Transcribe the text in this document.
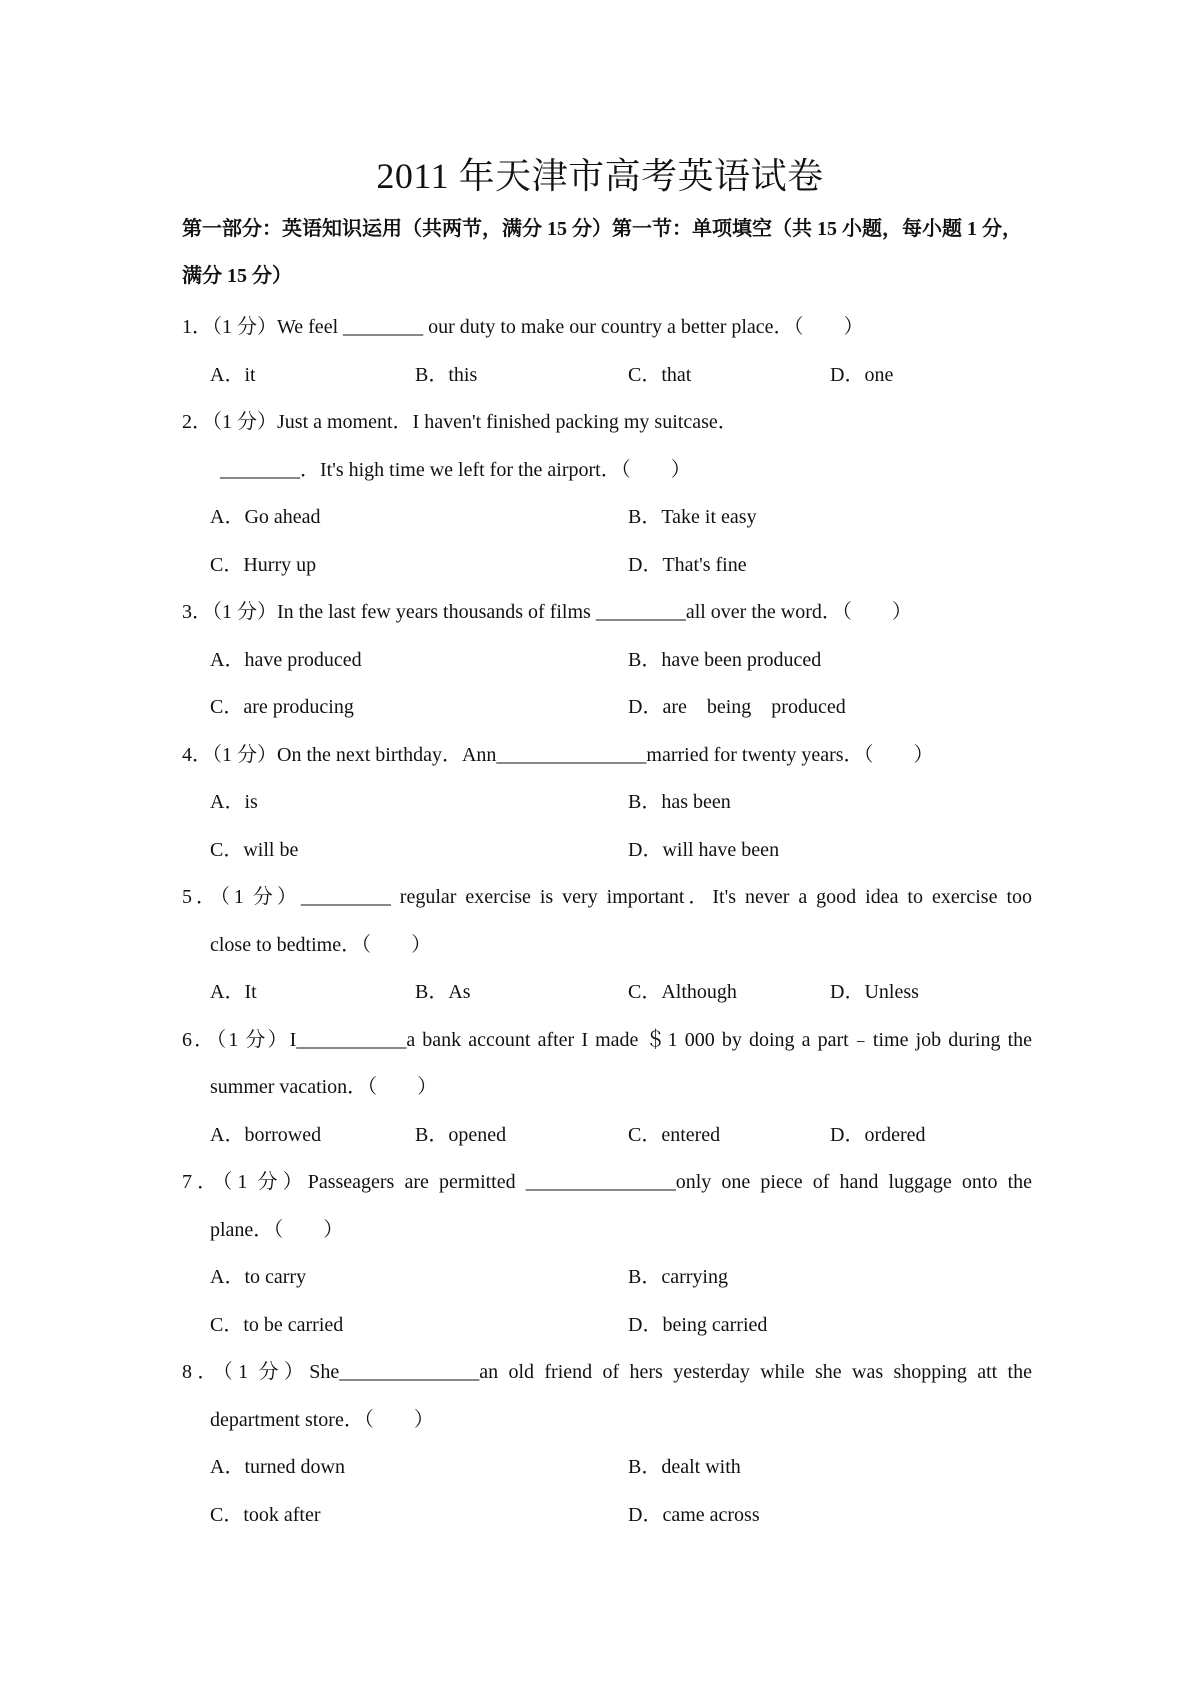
2011 年天津市高考英语试卷

第一部分：英语知识运用（共两节，满分 15 分）第一节：单项填空（共 15 小题，每小题 1 分，满分 15 分）

1．（1 分）We feel ________ our duty to make our country a better place．（　　）
A．it	B．this	C．that	D．one
2．（1 分）Just a moment．I haven't finished packing my suitcase．
________．It's high time we left for the airport．（　　）
A．Go ahead	B．Take it easy
C．Hurry up	D．That's fine
3．（1 分）In the last few years thousands of films _________all over the word．（　　）
A．have produced	B．have been produced
C．are producing	D．are　being　produced
4．（1 分）On the next birthday．Ann_______________married for twenty years．（　　）
A．is	B．has been
C．will be	D．will have been
5．（1 分）_________ regular exercise is very important．It's never a good idea to exercise too
close to bedtime．（　　）
A．It	B．As	C．Although	D．Unless
6．（1 分）I___________a bank account after I made ＄1 000 by doing a part﹣time job during the
summer vacation．（　　）
A．borrowed	B．opened	C．entered	D．ordered
7．（1 分）Passeagers are permitted _______________only one piece of hand luggage onto the
plane．（　　）
A．to carry	B．carrying
C．to be carried	D．being carried
8．（1 分）She______________an old friend of hers yesterday while she was shopping att the
department store．（　　）
A．turned down	B．dealt with
C．took after	D．came across
